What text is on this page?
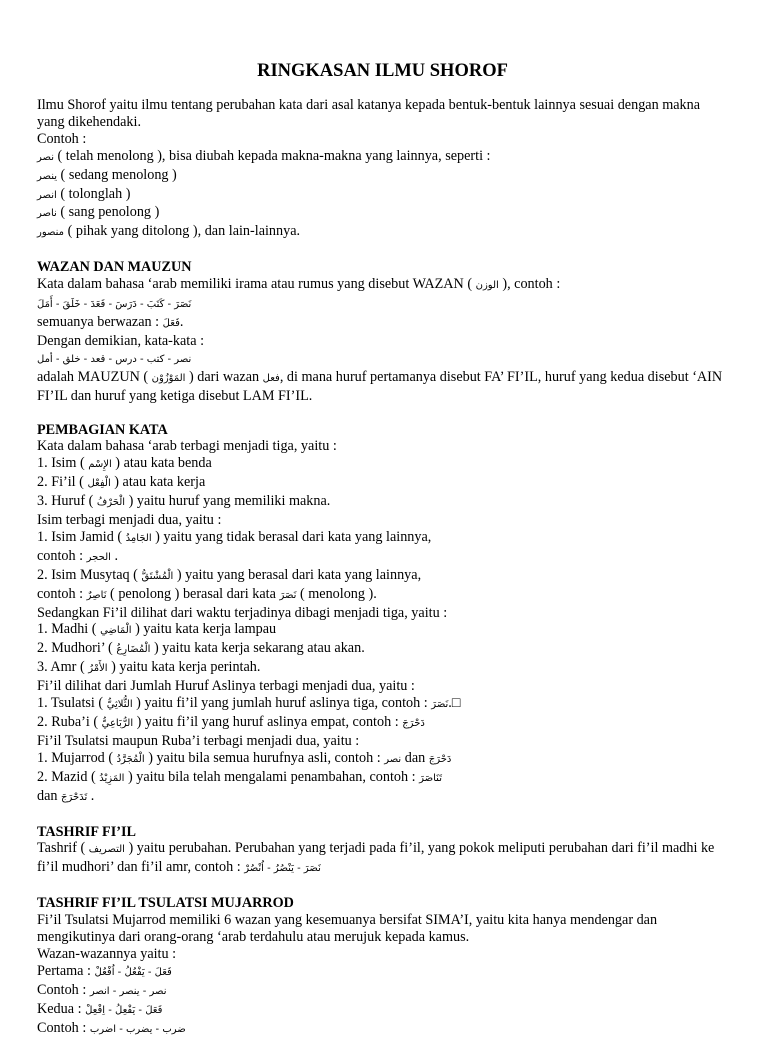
RINGKASAN ILMU SHOROF

Ilmu Shorof yaitu ilmu tentang perubahan kata dari asal katanya kepada bentuk-bentuk lainnya sesuai dengan makna yang dikehendaki.

Contoh :

نصر ( telah menolong ), bisa diubah kepada makna-makna yang lainnya, seperti :

ينصر ( sedang menolong )

انصر ( tolonglah )

ناصر ( sang penolong )

منصور ( pihak yang ditolong ), dan lain-lainnya.

WAZAN DAN MAUZUN

Kata dalam bahasa ‘arab memiliki irama atau rumus yang disebut WAZAN ( الوزن ), contoh :

نَصَرَ - كَتَبَ - دَرَسَ - فَعَدَ - خَلَقَ - أَمَلَ

semuanya berwazan : فَعَلَ.

Dengan demikian, kata-kata :

نصر - كتب - درس - قعد - خلق - أمل

adalah MAUZUN ( المَوْزُوْن ) dari wazan فعل, di mana huruf pertamanya disebut FA’ FI’IL, huruf yang kedua disebut ‘AIN FI’IL dan huruf yang ketiga disebut LAM FI’IL.

PEMBAGIAN KATA

Kata dalam bahasa ‘arab terbagi menjadi tiga, yaitu :

1. Isim ( الإِسْم ) atau kata benda

2. Fi’il ( الْفِعْل ) atau kata kerja

3. Huruf ( الْحَرْفُ ) yaitu huruf yang memiliki makna.

Isim terbagi menjadi dua, yaitu :

1. Isim Jamid ( الجَامِدُ ) yaitu yang tidak berasal dari kata yang lainnya,

contoh : الحجر .

2. Isim Musytaq ( الْمُشْتَقُّ ) yaitu yang berasal dari kata yang lainnya,

contoh : نَاصِرٌ ( penolong ) berasal dari kata نَصَرَ ( menolong ).

Sedangkan Fi’il dilihat dari waktu terjadinya dibagi menjadi tiga, yaitu :

1. Madhi ( الْمَاضِي ) yaitu kata kerja lampau

2. Mudhori’ ( الْمُضَارِعُ ) yaitu kata kerja sekarang atau akan.

3. Amr ( الأَمْرُ ) yaitu kata kerja perintah.

Fi’il dilihat dari Jumlah Huruf Aslinya terbagi menjadi dua, yaitu :

1. Tsulatsi ( الثُّلاثِيُّ ) yaitu fi’il yang jumlah huruf aslinya tiga, contoh : نَصَرَ.□

2. Ruba’i ( الرُّبَاعِيُّ ) yaitu fi’il yang huruf aslinya empat, contoh : دَحْرَجَ

Fi’il Tsulatsi maupun Ruba’i terbagi menjadi dua, yaitu :

1. Mujarrod ( الْمُجَرَّدُ ) yaitu bila semua hurufnya asli, contoh : نصر dan دَحْرَجَ

2. Mazid ( المَزِيْدُ ) yaitu bila telah mengalami penambahan, contoh : تَنَاصَرَ

dan تَدَحْرَجَ .

TASHRIF FI’IL

Tashrif ( التصريف ) yaitu perubahan. Perubahan yang terjadi pada fi’il, yang pokok meliputi perubahan dari fi’il madhi ke fi’il mudhori’ dan fi’il amr, contoh : نَصَرَ - يَنْصُرُ - اُنْصُرْ

TASHRIF FI’IL TSULATSI MUJARROD

Fi’il Tsulatsi Mujarrod memiliki 6 wazan yang kesemuanya bersifat SIMA’I, yaitu kita hanya mendengar dan mengikutinya dari orang-orang ‘arab terdahulu atau merujuk kepada kamus.

Wazan-wazannya yaitu :

Pertama : فَعَلَ - يَفْعُلُ - اُفْعُلْ

Contoh : نصر - ينصر - انصر

Kedua : فَعَلَ - يَفْعِلُ - اِفْعِلْ

Contoh : ضرب - يضرب - اضرب
